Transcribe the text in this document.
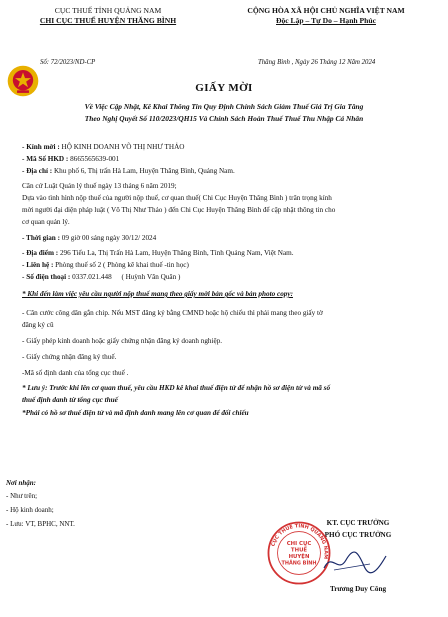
CỤC THUẾ TỈNH QUẢNG NAM
CHI CỤC THUẾ HUYỆN THĂNG BÌNH
CỘNG HÒA XÃ HỘI CHỦ NGHĨA VIỆT NAM
Độc Lập – Tự Do – Hạnh Phúc
Số: 72/2023/ND-CP	Thăng Bình , Ngày 26 Tháng 12 Năm 2024
GIẤY MỜI
Về Việc Cập Nhật, Kê Khai Thông Tin Quy Định Chính Sách Giảm Thuế Giá Trị Gia Tăng
Theo Nghị Quyết Số 110/2023/QH15 Và Chính Sách Hoàn Thuế Thuế Thu Nhập Cá Nhân
- Kính mời : HỘ KINH DOANH VÕ THỊ NHƯ THẢO
- Mã Số HKD : 8665565639-001
- Địa chỉ : Khu phố 6, Thị trấn Hà Lam, Huyện Thăng Bình, Quảng Nam.
Căn cứ Luật Quản lý thuế ngày 13 tháng 6 năm 2019;
Dựa vào tình hình nộp thuế của người nộp thuế, cơ quan thuế( Chi Cục Huyện Thăng Bình ) trân trọng kính
mời người đại diện pháp luật ( Võ Thị Như Thảo ) đến Chi Cục Huyện Thăng Bình để cập nhật thông tin cho
cơ quan quản lý.
- Thời gian : 09 giờ 00 sáng ngày 30/12/ 2024
- Địa điểm : 296 Tiểu La, Thị Trấn Hà Lam, Huyện Thăng Bình, Tỉnh Quảng Nam, Việt Nam.
- Liên hệ : Phòng thuế số 2 ( Phòng kê khai thuế -tin học)
- Số điện thoại : 0337.021.448 ( Huỳnh Văn Quân )
* Khi đến làm việc yêu cầu người nộp thuế mang theo giấy mời bản gốc và bản photo copy:
- Căn cước công dân gắn chip. Nếu MST đăng ký bằng CMND hoặc hộ chiếu thì phải mang theo giấy tờ
đăng ký cũ
- Giấy phép kinh doanh hoặc giấy chứng nhận đăng ký doanh nghiệp.
- Giấy chứng nhận đăng ký thuế.
-Mã số định danh của tổng cục thuế .
* Lưu ý: Trước khi lên cơ quan thuế, yêu cầu HKD kê khai thuế điện tử để nhận hồ sơ điện tử và mã số
thuế định danh từ tổng cục thuế
*Phải có hồ sơ thuế điện tử và mã định danh mang lên cơ quan để đối chiếu
Nơi nhận:
- Như trên;
- Hộ kinh doanh;
- Lưu: VT, BPHC, NNT.	KT. CỤC TRƯỞNG
PHÓ CỤC TRƯỞNG
CỤC THUẾ TỈNH QUẢNG NAM
CHI CỤC
THUẾ
HUYỆN
THĂNG BÌNH
Trương Duy Công
